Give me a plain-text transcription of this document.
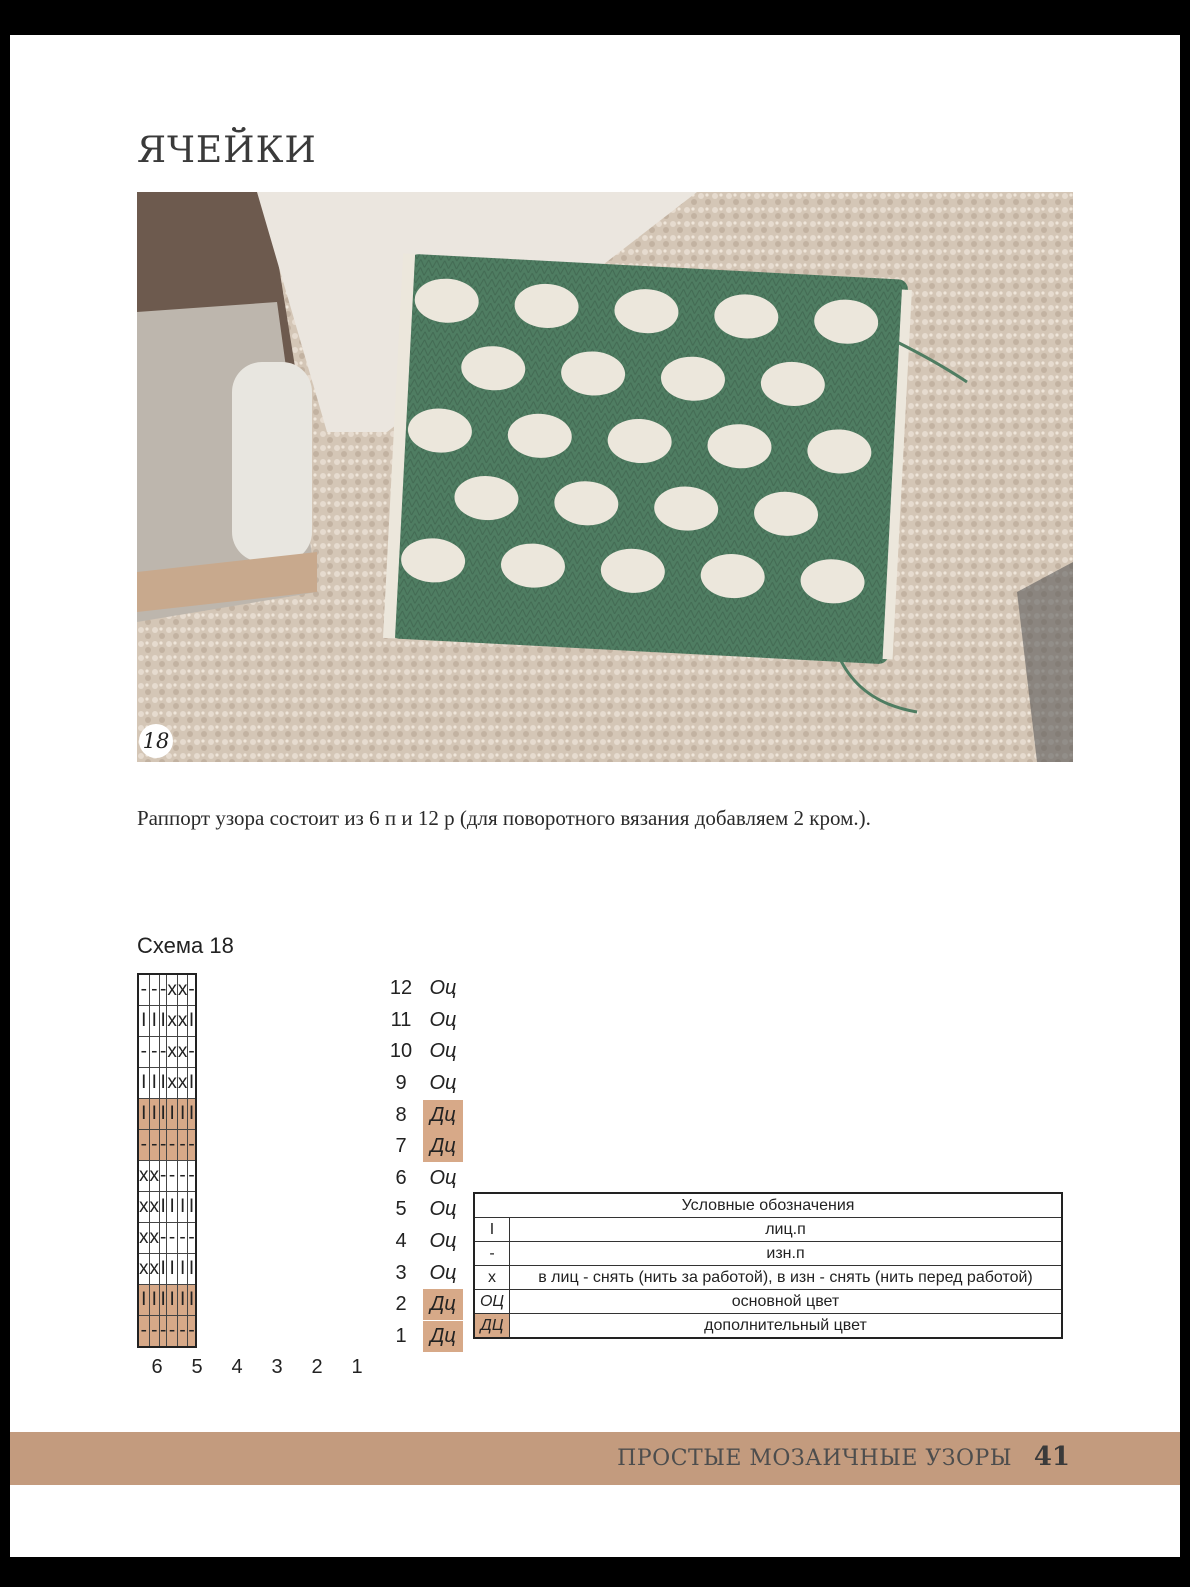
ЯЧЕЙКИ
18
Раппорт узора состоит из 6 п и 12 р (для поворотного вязания добавляем 2 кром.).
Схема 18
-	-	-	x	x	-
I	I	I	x	x	I
-	-	-	x	x	-
I	I	I	x	x	I
I	I	I	I	I	I
-	-	-	-	-	-
x	x	-	-	-	-
x	x	I	I	I	I
x	x	-	-	-	-
x	x	I	I	I	I
I	I	I	I	I	I
-	-	-	-	-	-
12 Оц
11 Оц
10 Оц
9	Оц
8	Дц
7	Дц
6	Оц
5	Оц
4	Оц
3	Оц
2	Дц
1	Дц
6	5	4	3	2	1
Условные обозначения	
I	лиц.п
-	изн.п
x	в лиц - снять (нить за работой), в изн - снять (нить перед работой)
ОЦ	основной цвет
ДЦ	дополнительный цвет
ПРОСТЫЕ МОЗАИЧНЫЕ УЗОРЫ 41
